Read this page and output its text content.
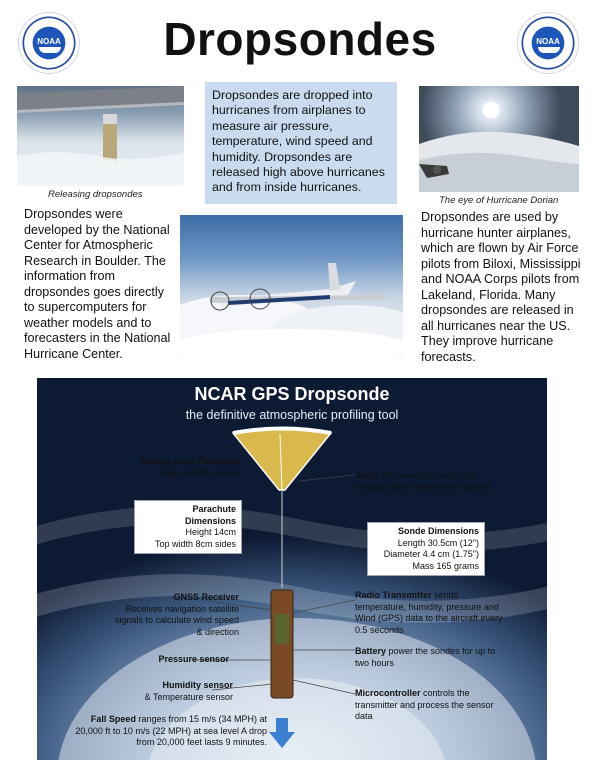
NOAA	NOAA
Dropsondes
Releasing dropsondes
Dropsondes are dropped into hurricanes from airplanes to measure air pressure, temperature, wind speed and humidity. Dropsondes are released high above hurricanes and from inside hurricanes.
The eye of Hurricane Dorian
Dropsondes were developed by the National Center for Atmospheric Research in Boulder. The information from dropsondes goes directly to supercomputers for weather models and to forecasters in the National Hurricane Center.
Dropsondes are used by hurricane hunter airplanes, which are flown by Air Force pilots from Biloxi, Mississippi and NOAA Corps pilots from Lakeland, Florida. Many dropsondes are released in all hurricanes near the US. They improve hurricane forecasts.
NCAR GPS Dropsonde
the definitive atmospheric profiling tool
Square-cone Parachute
High stability design
Parachute Dimensions
Height 14cm
Top width 8cm sides
Vents fills parachute within 10 seconds after release from aircraft
Sonde Dimensions
Length 30.5cm (12")
Diameter 4.4 cm (1.75")
Mass 165 grams
GNSS Receiver
Receives navigation satellite signals to calculate wind speed & direction
Radio Transmitter sends temperature, humidity, pressure and Wind (GPS) data to the aircraft every 0.5 seconds
Pressure sensor
Battery power the sondes for up to two hours
Humidity sensor
& Temperature sensor	Microcontroller controls the transmitter and process the sensor data
Fall Speed ranges from 15 m/s (34 MPH) at 20,000 ft to 10 m/s (22 MPH) at sea level A drop from 20,000 feet lasts 9 minutes.
